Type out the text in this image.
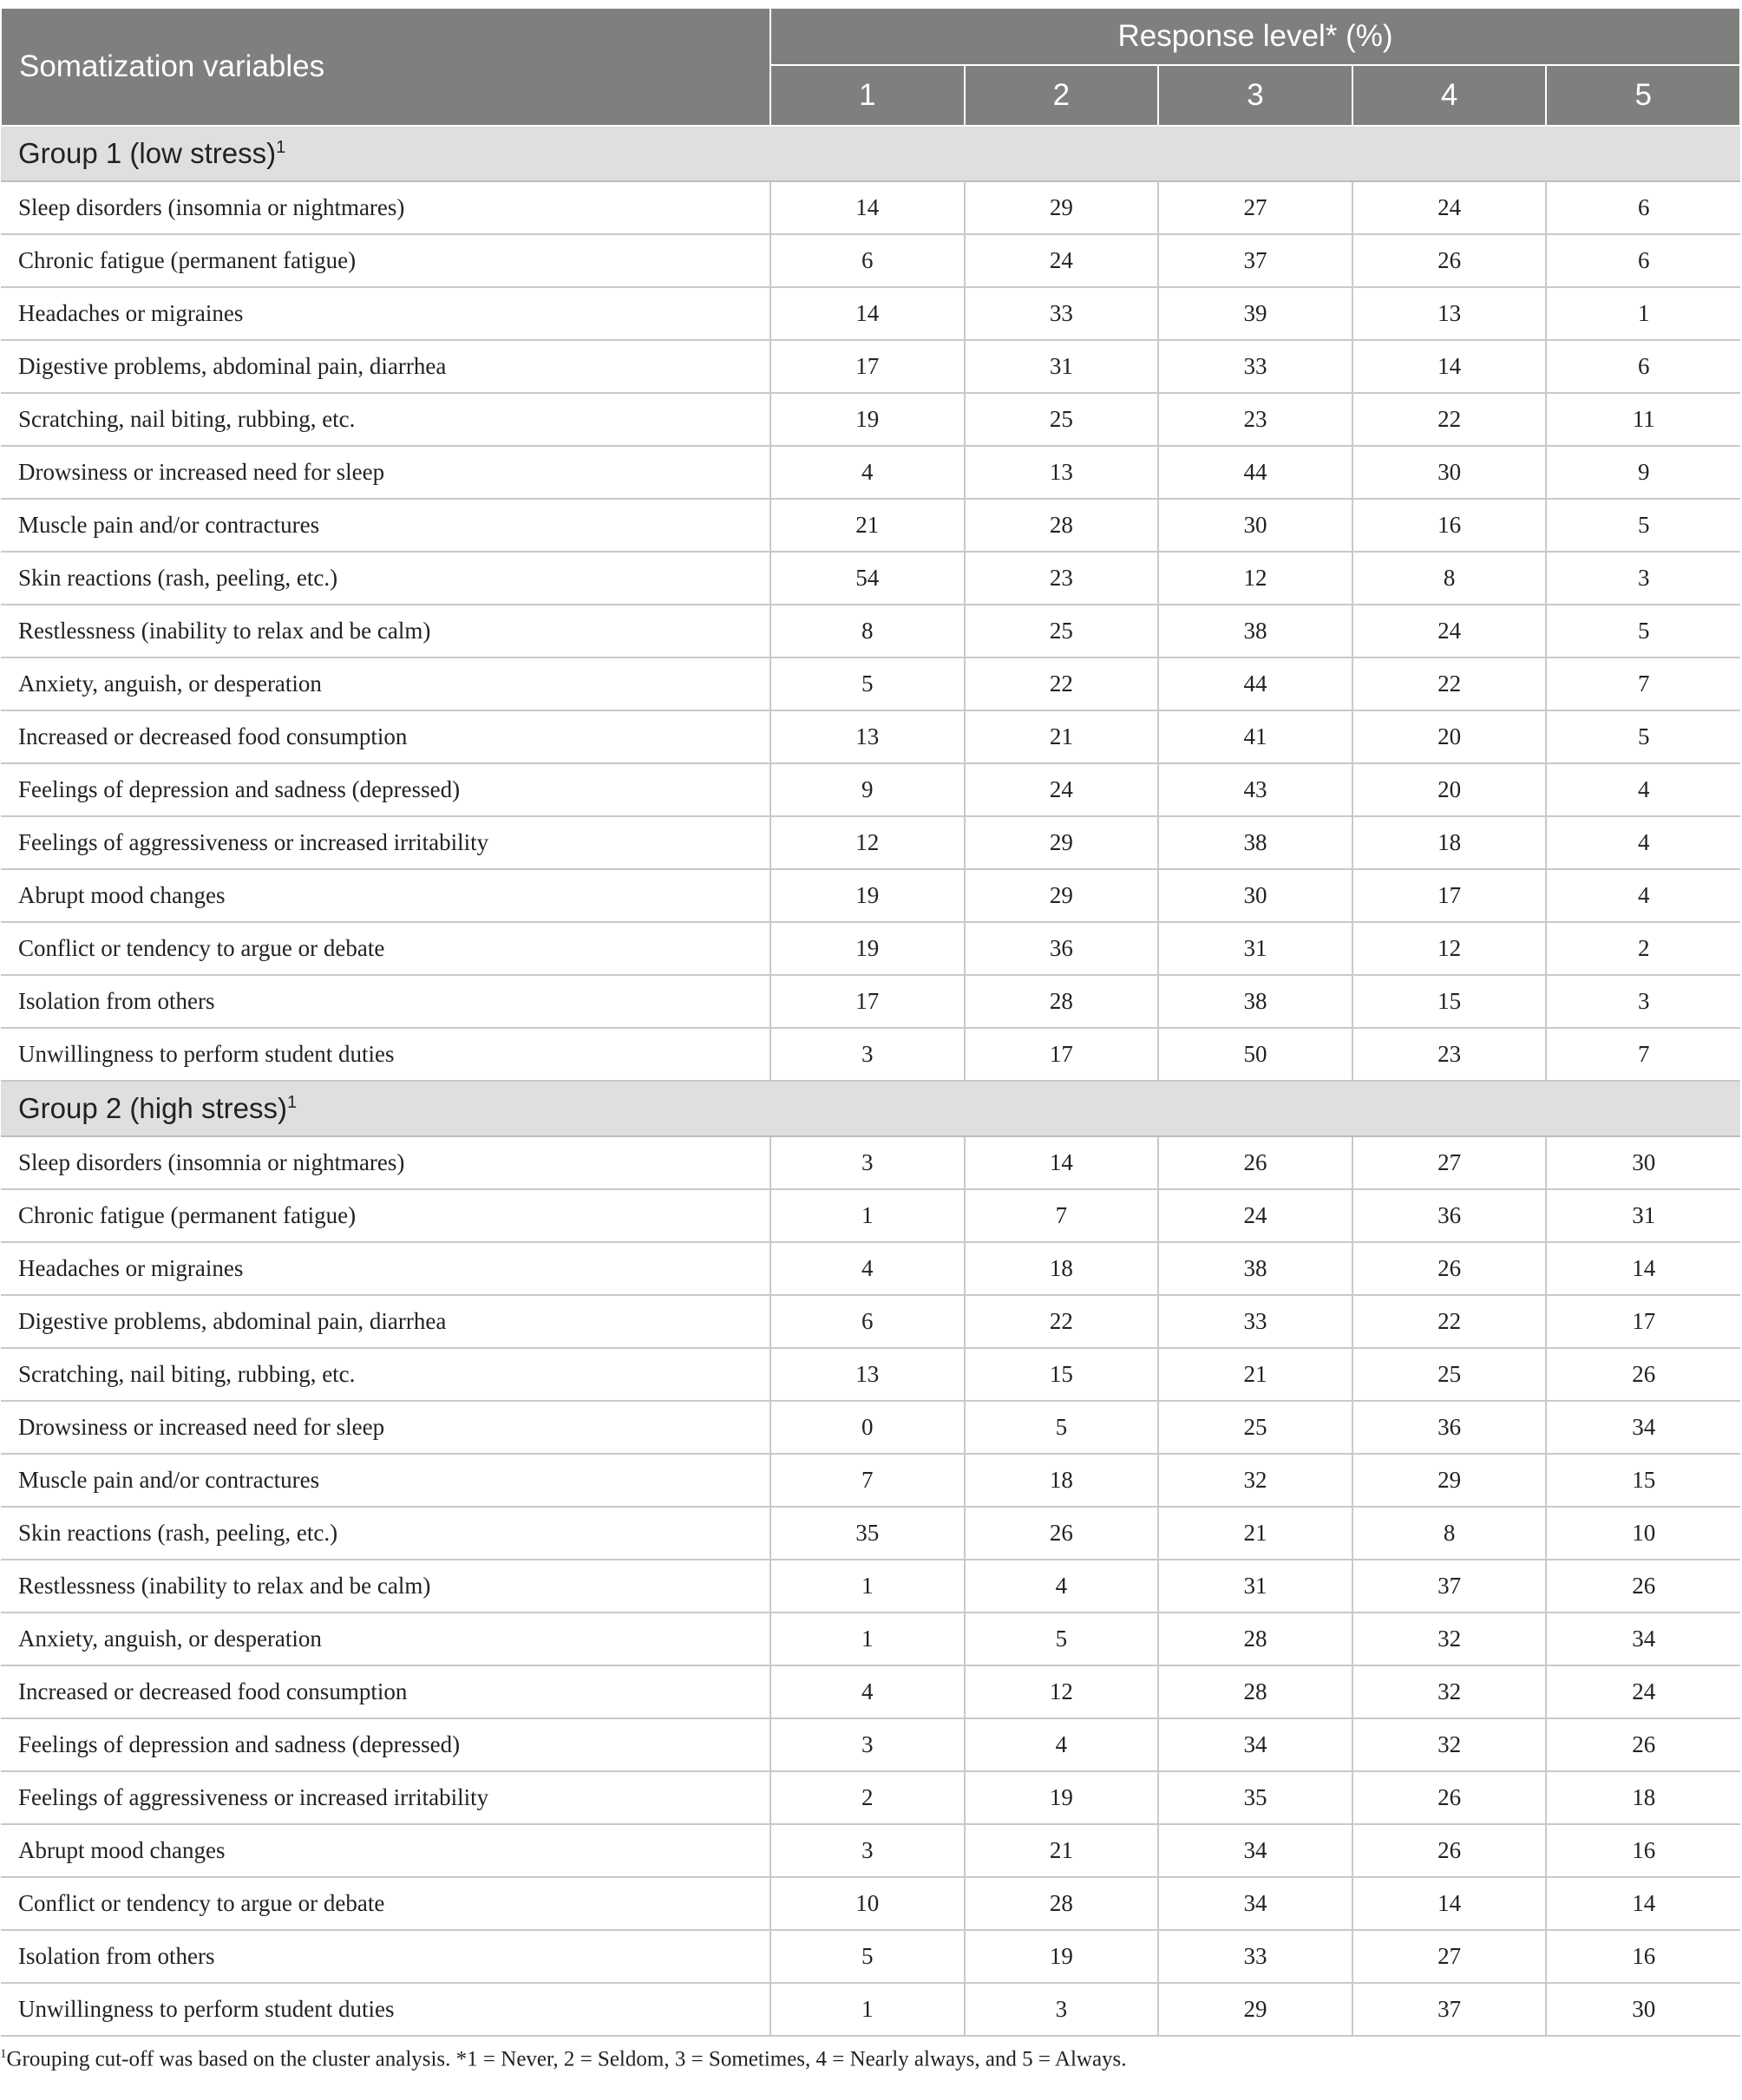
Somatization variables	Response level* (%)				
	1	2	3	4	5
Group 1 (low stress)$^1$
Sleep disorders (insomnia or nightmares)	14	29	27	24	6
Chronic fatigue (permanent fatigue)	6	24	37	26	6
Headaches or migraines	14	33	39	13	1
Digestive problems, abdominal pain, diarrhea	17	31	33	14	6
Scratching, nail biting, rubbing, etc.	19	25	23	22	11
Drowsiness or increased need for sleep	4	13	44	30	9
Muscle pain and/or contractures	21	28	30	16	5
Skin reactions (rash, peeling, etc.)	54	23	12	8	3
Restlessness (inability to relax and be calm)	8	25	38	24	5
Anxiety, anguish, or desperation	5	22	44	22	7
Increased or decreased food consumption	13	21	41	20	5
Feelings of depression and sadness (depressed)	9	24	43	20	4
Feelings of aggressiveness or increased irritability	12	29	38	18	4
Abrupt mood changes	19	29	30	17	4
Conflict or tendency to argue or debate	19	36	31	12	2
Isolation from others	17	28	38	15	3
Unwillingness to perform student duties	3	17	50	23	7
Group 2 (high stress)$^1$
Sleep disorders (insomnia or nightmares)	3	14	26	27	30
Chronic fatigue (permanent fatigue)	1	7	24	36	31
Headaches or migraines	4	18	38	26	14
Digestive problems, abdominal pain, diarrhea	6	22	33	22	17
Scratching, nail biting, rubbing, etc.	13	15	21	25	26
Drowsiness or increased need for sleep	0	5	25	36	34
Muscle pain and/or contractures	7	18	32	29	15
Skin reactions (rash, peeling, etc.)	35	26	21	8	10
Restlessness (inability to relax and be calm)	1	4	31	37	26
Anxiety, anguish, or desperation	1	5	28	32	34
Increased or decreased food consumption	4	12	28	32	24
Feelings of depression and sadness (depressed)	3	4	34	32	26
Feelings of aggressiveness or increased irritability	2	19	35	26	18
Abrupt mood changes	3	21	34	26	16
Conflict or tendency to argue or debate	10	28	34	14	14
Isolation from others	5	19	33	27	16
Unwillingness to perform student duties	1	3	29	37	30
$^1$Grouping cut-off was based on the cluster analysis. *1 = Never, 2 = Seldom, 3 = Sometimes, 4 = Nearly always, and 5 = Always.
